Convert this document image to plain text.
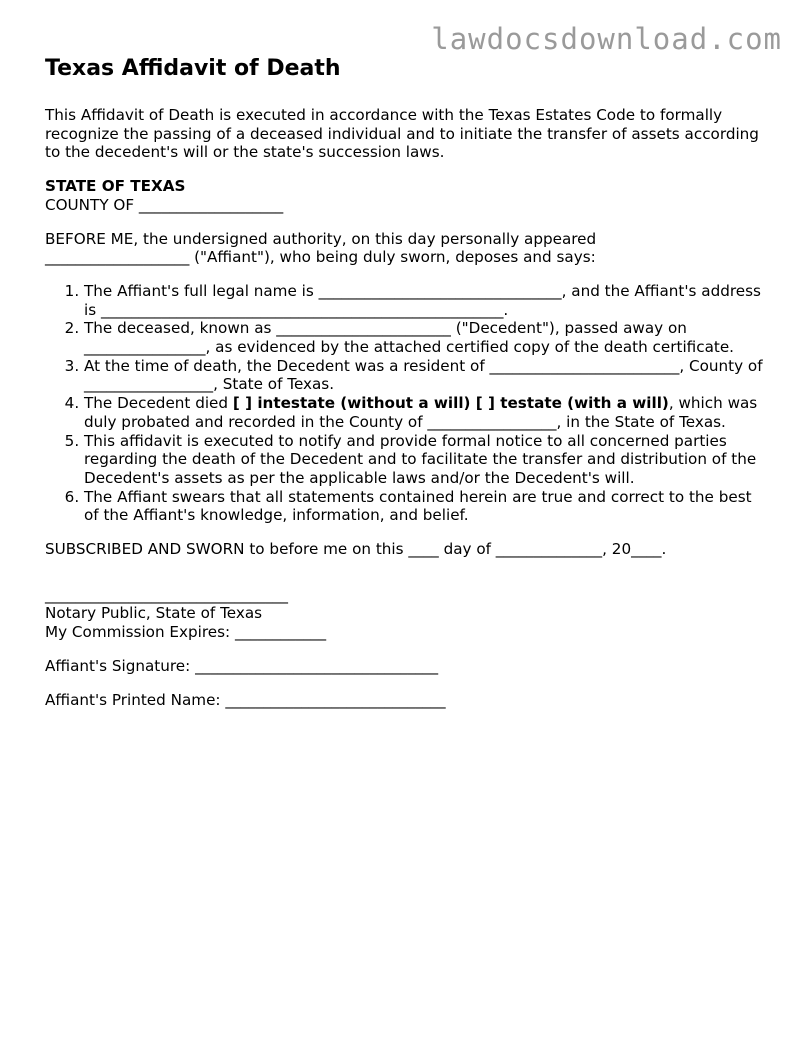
lawdocsdownload.com
Texas Affidavit of Death

This Affidavit of Death is executed in accordance with the Texas Estates Code to formally recognize the passing of a deceased individual and to initiate the transfer of assets according to the decedent's will or the state's succession laws.

STATE OF TEXAS

COUNTY OF ___________________

BEFORE ME, the undersigned authority, on this day personally appeared

___________________ ("Affiant"), who being duly sworn, deposes and says:

1. The Affiant's full legal name is ________________________________, and the Affiant's address is _____________________________________________________.
2. The deceased, known as _______________________ ("Decedent"), passed away on ________________, as evidenced by the attached certified copy of the death certificate.
3. At the time of death, the Decedent was a resident of _________________________, County of _________________, State of Texas.
4. The Decedent died [ ] intestate (without a will) [ ] testate (with a will), which was duly probated and recorded in the County of _________________, in the State of Texas.
5. This affidavit is executed to notify and provide formal notice to all concerned parties regarding the death of the Decedent and to facilitate the transfer and distribution of the Decedent's assets as per the applicable laws and/or the Decedent's will.
6. The Affiant swears that all statements contained herein are true and correct to the best of the Affiant's knowledge, information, and belief.

SUBSCRIBED AND SWORN to before me on this ____ day of ______________, 20____.

________________________________

Notary Public, State of Texas

My Commission Expires: ____________

Affiant's Signature: ________________________________

Affiant's Printed Name: _____________________________
